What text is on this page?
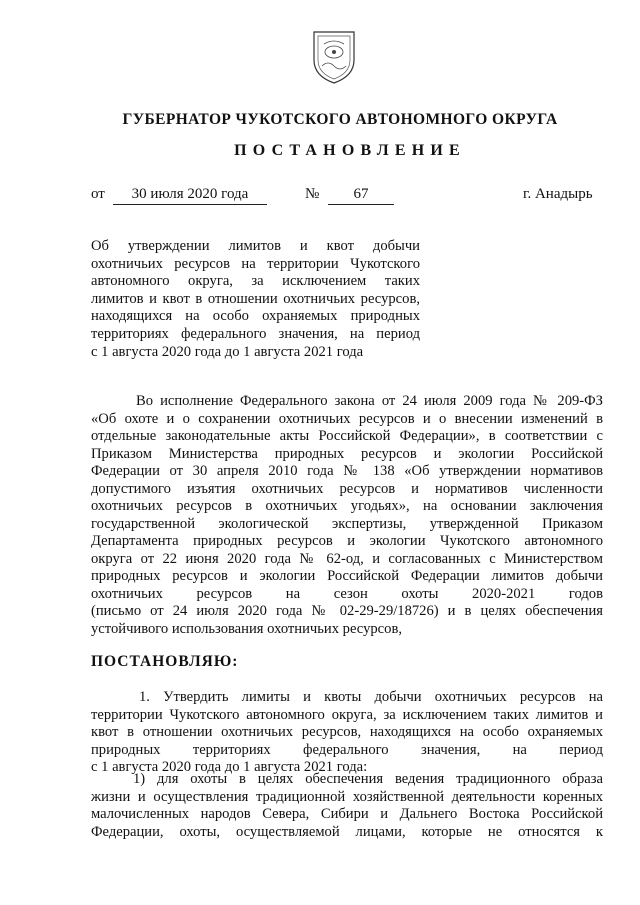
ГУБЕРНАТОР ЧУКОТСКОГО АВТОНОМНОГО ОКРУГА
ПОСТАНОВЛЕНИЕ
от	30 июля 2020 года	№	67	г. Анадырь
Об утверждении лимитов и квот добычи
охотничьих ресурсов на территории Чукотского
автономного округа, за исключением таких
лимитов и квот в отношении охотничьих ресурсов,
находящихся на особо охраняемых природных
территориях федерального значения, на период
с 1 августа 2020 года до 1 августа 2021 года
Во исполнение Федерального закона от 24 июля 2009 года № 209-ФЗ
«Об охоте и о сохранении охотничьих ресурсов и о внесении изменений в
отдельные законодательные акты Российской Федерации», в соответствии с
Приказом Министерства природных ресурсов и экологии Российской
Федерации от 30 апреля 2010 года № 138 «Об утверждении нормативов
допустимого изъятия охотничьих ресурсов и нормативов численности
охотничьих ресурсов в охотничьих угодьях», на основании заключения
государственной экологической экспертизы, утвержденной Приказом
Департамента природных ресурсов и экологии Чукотского автономного
округа от 22 июня 2020 года № 62-од, и согласованных с Министерством
природных ресурсов и экологии Российской Федерации лимитов добычи
охотничьих ресурсов на сезон охоты 2020-2021 годов
(письмо от 24 июля 2020 года № 02-29-29/18726) и в целях обеспечения
устойчивого использования охотничьих ресурсов,
ПОСТАНОВЛЯЮ:
1. Утвердить лимиты и квоты добычи охотничьих ресурсов на
территории Чукотского автономного округа, за исключением таких лимитов и
квот в отношении охотничьих ресурсов, находящихся на особо охраняемых
природных территориях федерального значения, на период
с 1 августа 2020 года до 1 августа 2021 года:
1) для охоты в целях обеспечения ведения традиционного образа
жизни и осуществления традиционной хозяйственной деятельности коренных
малочисленных народов Севера, Сибири и Дальнего Востока Российской
Федерации, охоты, осуществляемой лицами, которые не относятся к
